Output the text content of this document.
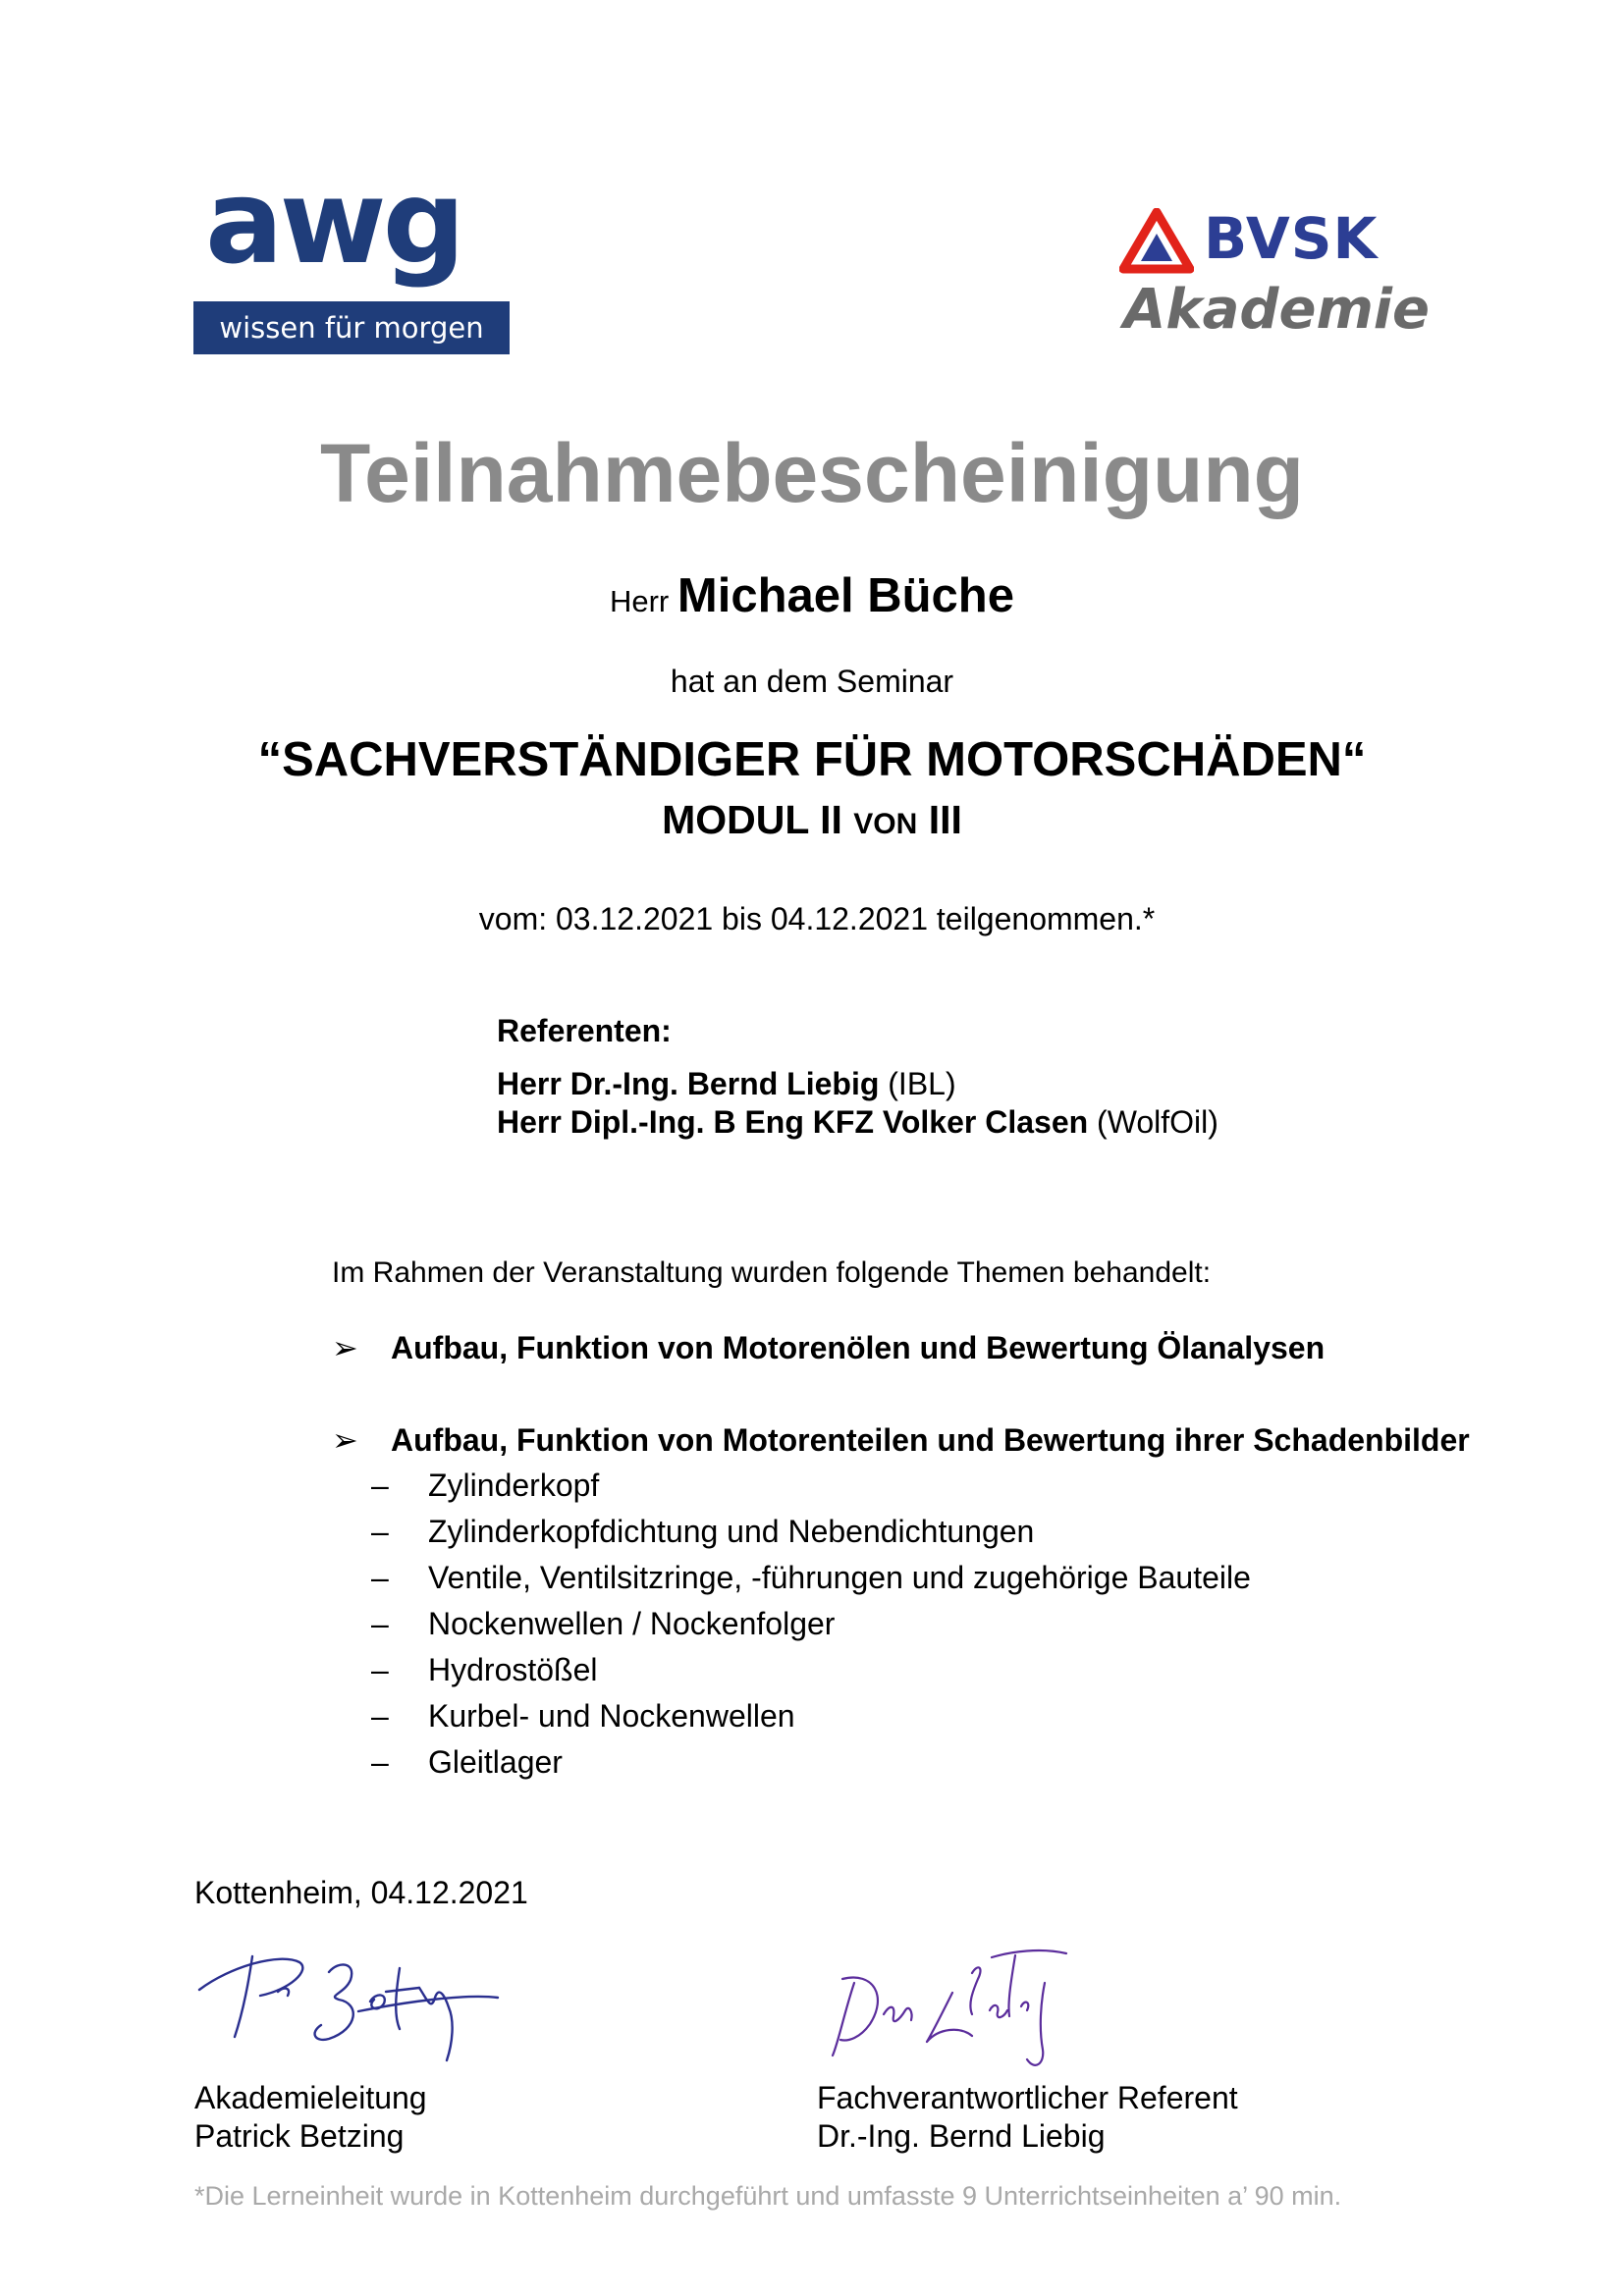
awg
wissen für morgen
BVSK
Akademie
Teilnahmebescheinigung
Herr Michael Büche
hat an dem Seminar
“SACHVERSTÄNDIGER FÜR MOTORSCHÄDEN“
MODUL II VON III
vom: 03.12.2021 bis 04.12.2021 teilgenommen.*
Referenten:
Herr Dr.-Ing. Bernd Liebig (IBL)
Herr Dipl.-Ing. B Eng KFZ Volker Clasen (WolfOil)
Im Rahmen der Veranstaltung wurden folgende Themen behandelt:
➢ Aufbau, Funktion von Motorenölen und Bewertung Ölanalysen
➢ Aufbau, Funktion von Motorenteilen und Bewertung ihrer Schadenbilder
– Zylinderkopf
– Zylinderkopfdichtung und Nebendichtungen
– Ventile, Ventilsitzringe, -führungen und zugehörige Bauteile
– Nockenwellen / Nockenfolger
– Hydrostößel
– Kurbel- und Nockenwellen
– Gleitlager
Kottenheim, 04.12.2021
Akademieleitung
Patrick Betzing
Fachverantwortlicher Referent
Dr.-Ing. Bernd Liebig
*Die Lerneinheit wurde in Kottenheim durchgeführt und umfasste 9 Unterrichtseinheiten a’ 90 min.
